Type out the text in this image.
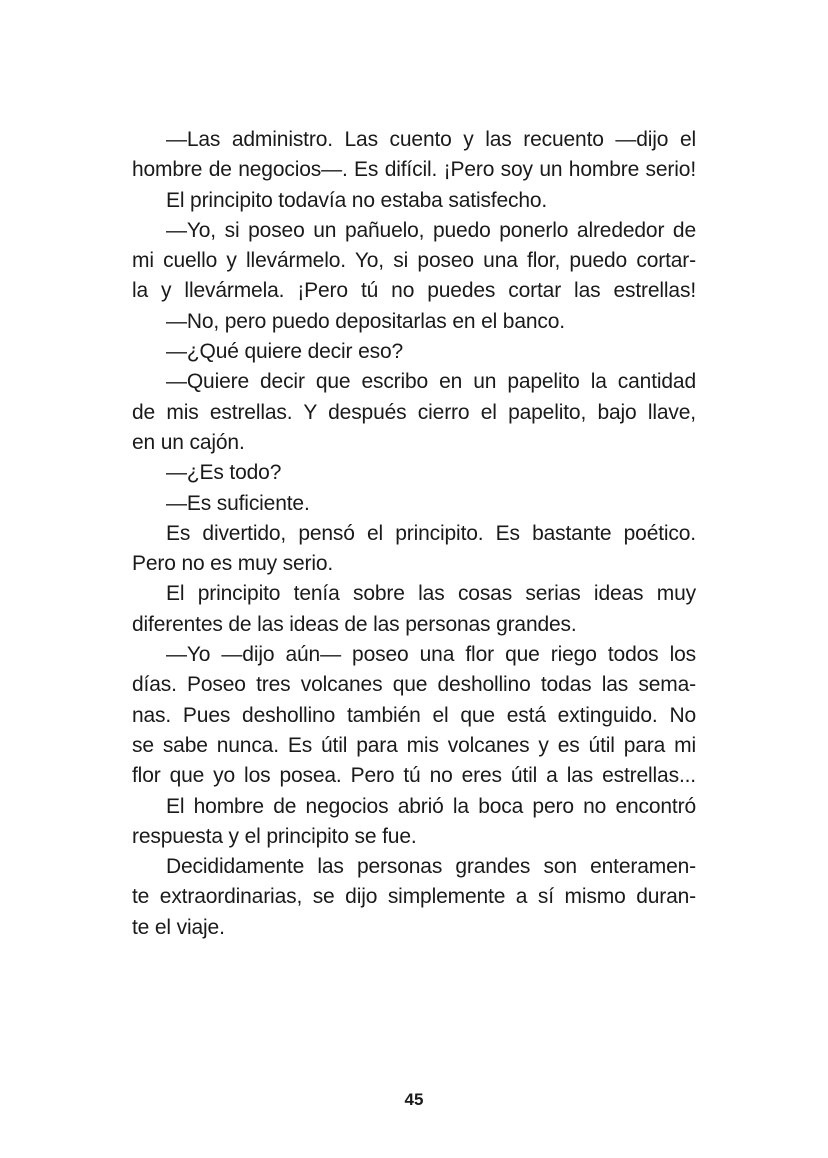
—Las administro. Las cuento y las recuento —dijo el
hombre de negocios—. Es difícil. ¡Pero soy un hombre serio!
El principito todavía no estaba satisfecho.
—Yo, si poseo un pañuelo, puedo ponerlo alrededor de
mi cuello y llevármelo. Yo, si poseo una flor, puedo cortar-
la y llevármela. ¡Pero tú no puedes cortar las estrellas!
—No, pero puedo depositarlas en el banco.
—¿Qué quiere decir eso?
—Quiere decir que escribo en un papelito la cantidad
de mis estrellas. Y después cierro el papelito, bajo llave,
en un cajón.
—¿Es todo?
—Es suficiente.
Es divertido, pensó el principito. Es bastante poético.
Pero no es muy serio.
El principito tenía sobre las cosas serias ideas muy
diferentes de las ideas de las personas grandes.
—Yo —dijo aún— poseo una flor que riego todos los
días. Poseo tres volcanes que deshollino todas las sema-
nas. Pues deshollino también el que está extinguido. No
se sabe nunca. Es útil para mis volcanes y es útil para mi
flor que yo los posea. Pero tú no eres útil a las estrellas...
El hombre de negocios abrió la boca pero no encontró
respuesta y el principito se fue.
Decididamente las personas grandes son enteramen-
te extraordinarias, se dijo simplemente a sí mismo duran-
te el viaje.
45
